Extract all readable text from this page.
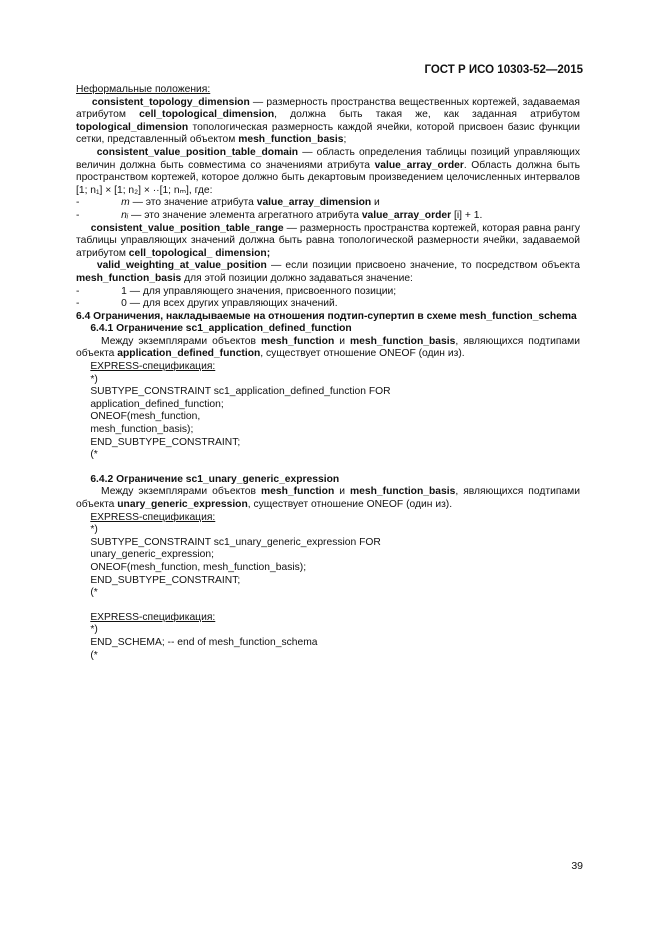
ГОСТ Р ИСО 10303-52—2015

Неформальные положения:

consistent_topology_dimension — размерность пространства вещественных кортежей, задаваемая атрибутом cell_topological_dimension, должна быть такая же, как заданная атрибутом topological_dimension топологическая размерность каждой ячейки, которой присвоен базис функции сетки, представленный объектом mesh_function_basis;

consistent_value_position_table_domain — область определения таблицы позиций управляющих величин должна быть совместима со значениями атрибута value_array_order. Область должна быть пространством кортежей, которое должно быть декартовым произведением целочисленных интервалов [1; n₁] × [1; n₂] × ··[1; nₘ], где:

-	m — это значение атрибута value_array_dimension и
-	nᵢ — это значение элемента агрегатного атрибута value_array_order [i] + 1.

consistent_value_position_table_range — размерность пространства кортежей, которая равна рангу таблицы управляющих значений должна быть равна топологической размерности ячейки, задаваемой атрибутом cell_topological_ dimension;

valid_weighting_at_value_position — если позиции присвоено значение, то посредством объекта mesh_function_basis для этой позиции должно задаваться значение:

-
	1 — для управляющего значения, присвоенного позиции;
-
	0 — для всех других управляющих значений.

6.4 Ограничения, накладываемые на отношения подтип-супертип в схеме mesh_function_schema

6.4.1 Ограничение sc1_application_defined_function

Между экземплярами объектов mesh_function и mesh_function_basis, являющихся подтипами объекта application_defined_function, существует отношение ONEOF (один из).

EXPRESS-спецификация:

*)
SUBTYPE_CONSTRAINT sc1_application_defined_function FOR
application_defined_function;
ONEOF(mesh_function,
mesh_function_basis);
END_SUBTYPE_CONSTRAINT;
(*

6.4.2 Ограничение sc1_unary_generic_expression

Между экземплярами объектов mesh_function и mesh_function_basis, являющихся подтипами объекта unary_generic_expression, существует отношение ONEOF (один из).

EXPRESS-спецификация:

*)
SUBTYPE_CONSTRAINT sc1_unary_generic_expression FOR
unary_generic_expression;
ONEOF(mesh_function, mesh_function_basis);
END_SUBTYPE_CONSTRAINT;
(*

EXPRESS-спецификация:

*)
END_SCHEMA; -- end of mesh_function_schema
(*
39
